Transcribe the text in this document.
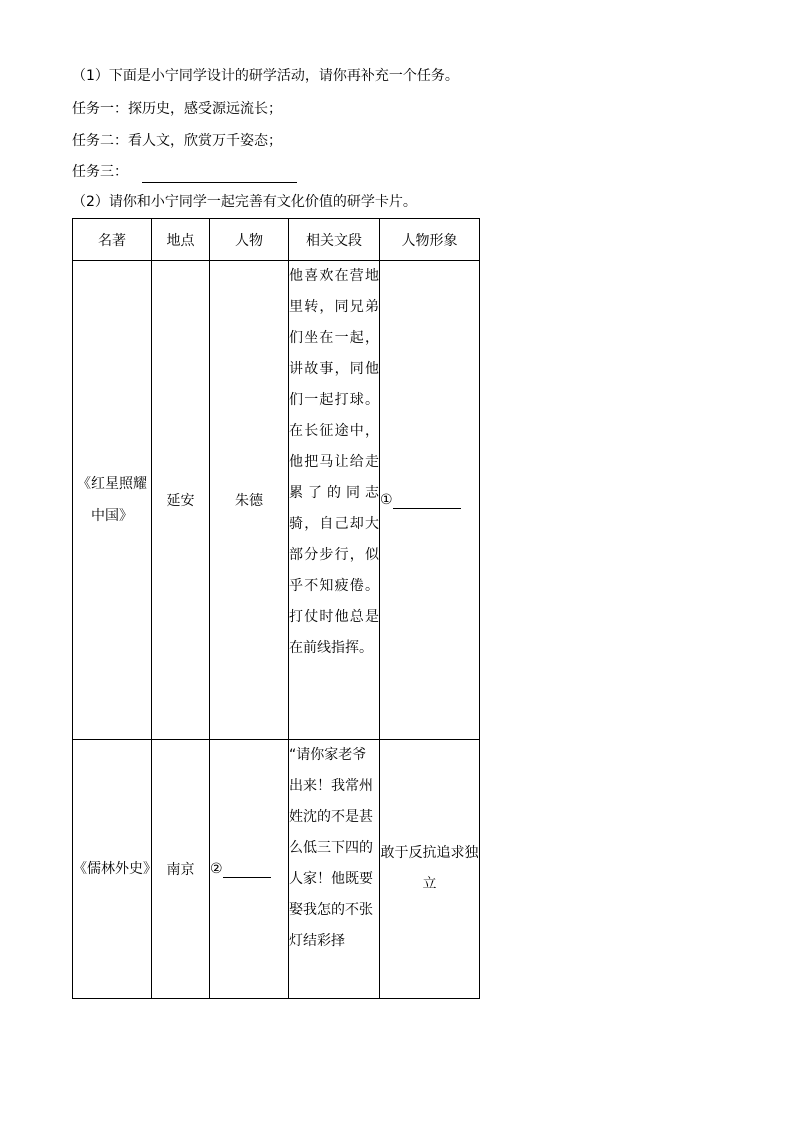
（1）下面是小宁同学设计的研学活动，请你再补充一个任务。
任务一：探历史，感受源远流长；
任务二：看人文，欣赏万千姿态；
任务三：
（2）请你和小宁同学一起完善有文化价值的研学卡片。
名著	地点	人物	相关文段	人物形象
《红星照耀中国》	延安	朱德	他喜欢在营地里转，同兄弟们坐在一起，讲故事，同他们一起打球。在长征途中，他把马让给走累了的同志骑，自己却大部分步行，似乎不知疲倦。打仗时他总是在前线指挥。	①
《儒林外史》	南京	②	“请你家老爷出来！我常州姓沈的不是甚么低三下四的人家！他既要娶我怎的不张灯结彩择	敢于反抗追求独立
